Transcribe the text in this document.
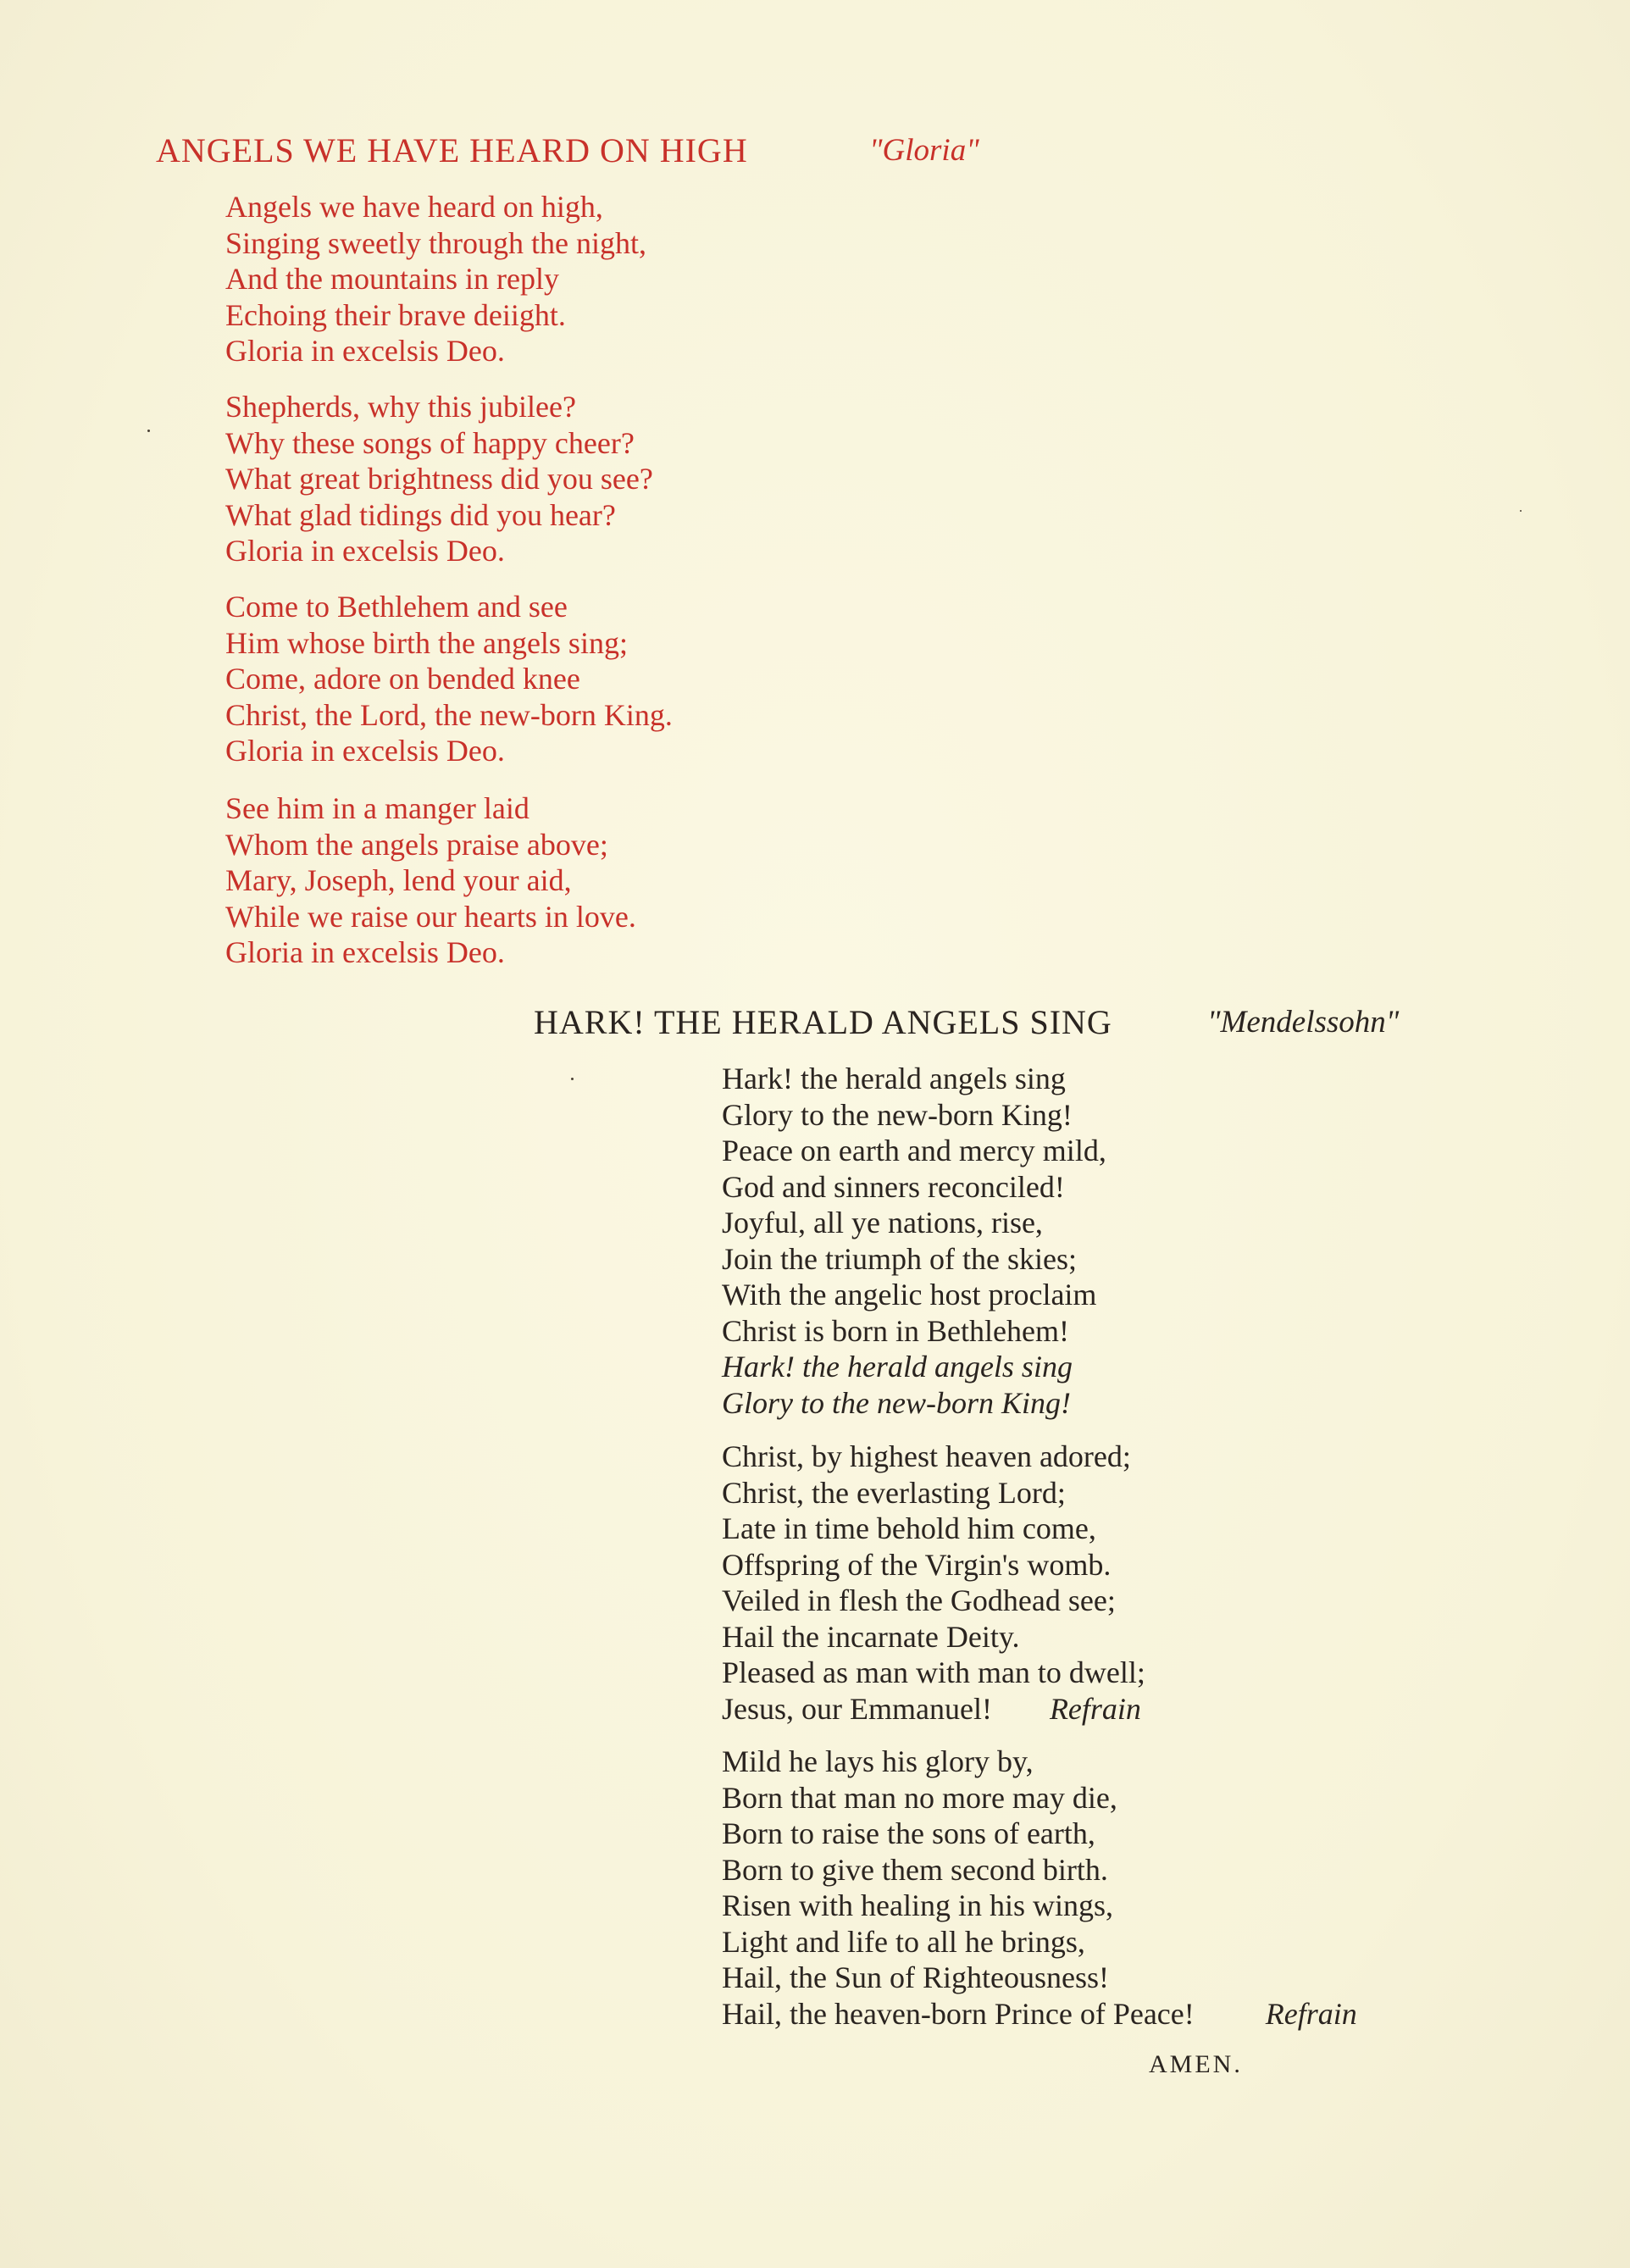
ANGELS WE HAVE HEARD ON HIGH	"Gloria"
Angels we have heard on high,
Singing sweetly through the night,
And the mountains in reply
Echoing their brave deiight.
Gloria in excelsis Deo.
Shepherds, why this jubilee?
Why these songs of happy cheer?
What great brightness did you see?
What glad tidings did you hear?
Gloria in excelsis Deo.
Come to Bethlehem and see
Him whose birth the angels sing;
Come, adore on bended knee
Christ, the Lord, the new-born King.
Gloria in excelsis Deo.
See him in a manger laid
Whom the angels praise above;
Mary, Joseph, lend your aid,
While we raise our hearts in love.
Gloria in excelsis Deo.
HARK! THE HERALD ANGELS SING	"Mendelssohn"
Hark! the herald angels sing
Glory to the new-born King!
Peace on earth and mercy mild,
God and sinners reconciled!
Joyful, all ye nations, rise,
Join the triumph of the skies;
With the angelic host proclaim
Christ is born in Bethlehem!
Hark! the herald angels sing
Glory to the new-born King!
Christ, by highest heaven adored;
Christ, the everlasting Lord;
Late in time behold him come,
Offspring of the Virgin's womb.
Veiled in flesh the Godhead see;
Hail the incarnate Deity.
Pleased as man with man to dwell;
Jesus, our Emmanuel! Refrain
Mild he lays his glory by,
Born that man no more may die,
Born to raise the sons of earth,
Born to give them second birth.
Risen with healing in his wings,
Light and life to all he brings,
Hail, the Sun of Righteousness!
Hail, the heaven-born Prince of Peace! Refrain
AMEN.
